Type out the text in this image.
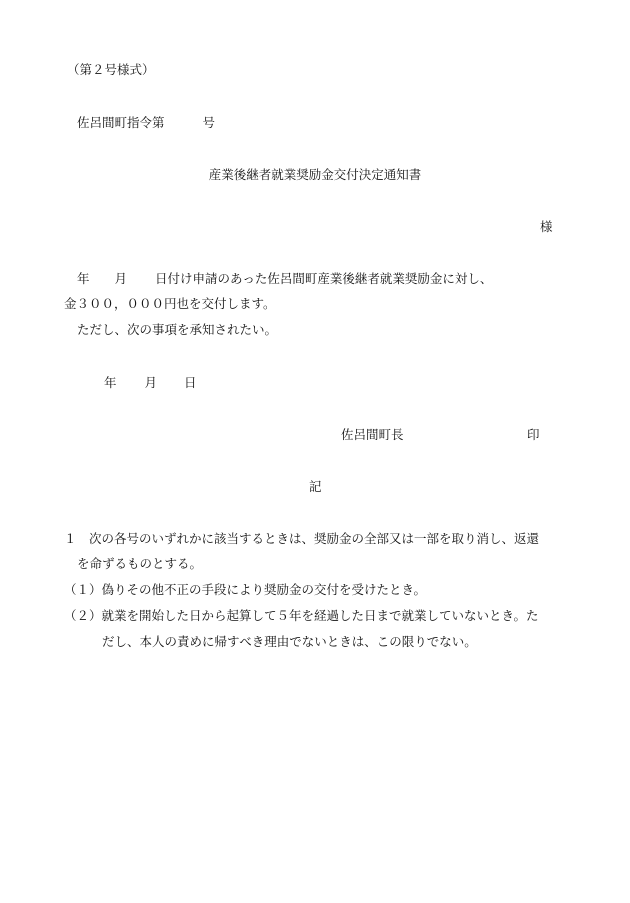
（第２号様式）
佐呂間町指令第	号
産業後継者就業奨励金交付決定通知書
様
年 月 日付け申請のあった佐呂間町産業後継者就業奨励金に対し、
金３００，０００円也を交付します。
ただし、次の事項を承知されたい。
年 月 日
佐呂間町長	印
記
１　次の各号のいずれかに該当するときは、奨励金の全部又は一部を取り消し、返還
を命ずるものとする。
（１）偽りその他不正の手段により奨励金の交付を受けたとき。
（２）就業を開始した日から起算して５年を経過した日まで就業していないとき。た
だし、本人の責めに帰すべき理由でないときは、この限りでない。
